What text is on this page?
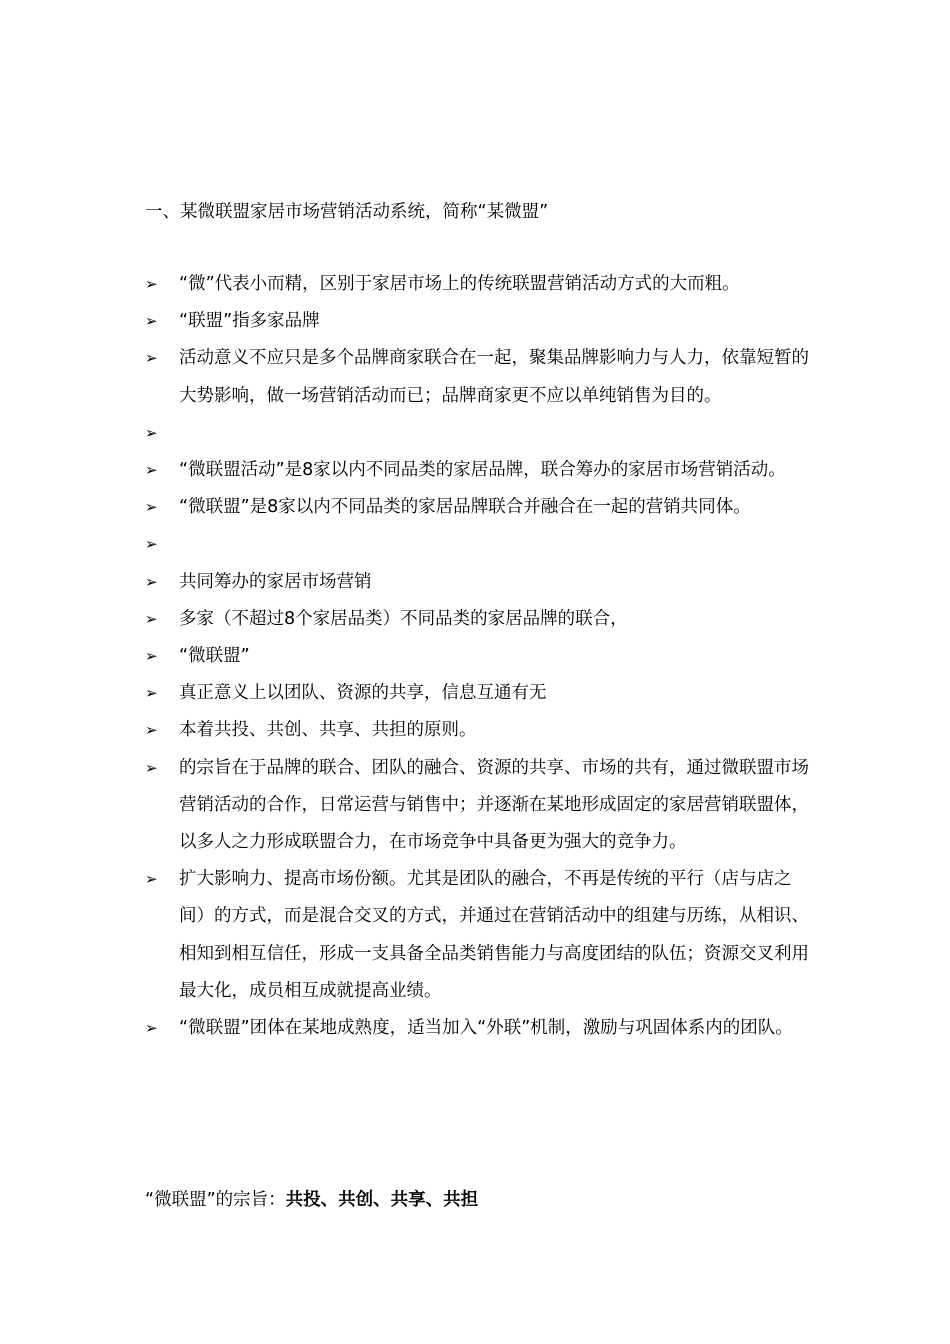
一、某微联盟家居市场营销活动系统，简称“某微盟”
➢	“微”代表小而精，区别于家居市场上的传统联盟营销活动方式的大而粗。
➢	“联盟”指多家品牌
➢	活动意义不应只是多个品牌商家联合在一起，聚集品牌影响力与人力，依靠短暂的大势影响，做一场营销活动而已；品牌商家更不应以单纯销售为目的。
➢
➢	“微联盟活动”是8家以内不同品类的家居品牌，联合筹办的家居市场营销活动。
➢	“微联盟”是8家以内不同品类的家居品牌联合并融合在一起的营销共同体。
➢
➢	共同筹办的家居市场营销
➢	多家（不超过8个家居品类）不同品类的家居品牌的联合，
➢	“微联盟”
➢	真正意义上以团队、资源的共享，信息互通有无
➢	本着共投、共创、共享、共担的原则。
➢	的宗旨在于品牌的联合、团队的融合、资源的共享、市场的共有，通过微联盟市场营销活动的合作，日常运营与销售中；并逐渐在某地形成固定的家居营销联盟体，以多人之力形成联盟合力，在市场竞争中具备更为强大的竞争力。
➢	扩大影响力、提高市场份额。尤其是团队的融合，不再是传统的平行（店与店之间）的方式，而是混合交叉的方式，并通过在营销活动中的组建与历练，从相识、相知到相互信任，形成一支具备全品类销售能力与高度团结的队伍；资源交叉利用最大化，成员相互成就提高业绩。
➢	“微联盟”团体在某地成熟度，适当加入“外联”机制，激励与巩固体系内的团队。
“微联盟”的宗旨：共投、共创、共享、共担
